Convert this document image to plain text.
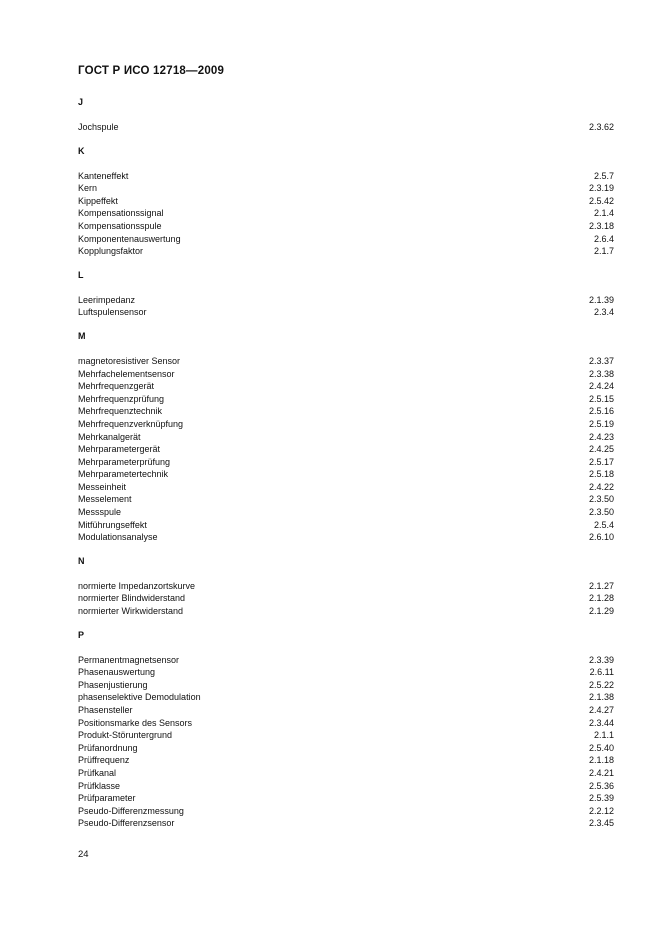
ГОСТ Р ИСО 12718—2009
J
Jochspule	2.3.62
K
Kanteneffekt	2.5.7
Kern	2.3.19
Kippeffekt	2.5.42
Kompensationssignal	2.1.4
Kompensationsspule	2.3.18
Komponentenauswertung	2.6.4
Kopplungsfaktor	2.1.7
L
Leerimpedanz	2.1.39
Luftspulensensor	2.3.4
M
magnetoresistiver Sensor	2.3.37
Mehrfachelementsensor	2.3.38
Mehrfrequenzgerät	2.4.24
Mehrfrequenzprüfung	2.5.15
Mehrfrequenztechnik	2.5.16
Mehrfrequenzverknüpfung	2.5.19
Mehrkanalgerät	2.4.23
Mehrparametergerät	2.4.25
Mehrparameterprüfung	2.5.17
Mehrparametertechnik	2.5.18
Messeinheit	2.4.22
Messelement	2.3.50
Messspule	2.3.50
Mitführungseffekt	2.5.4
Modulationsanalyse	2.6.10
N
normierte Impedanzortskurve	2.1.27
normierter Blindwiderstand	2.1.28
normierter Wirkwiderstand	2.1.29
P
Permanentmagnetsensor	2.3.39
Phasenauswertung	2.6.11
Phasenjustierung	2.5.22
phasenselektive Demodulation	2.1.38
Phasensteller	2.4.27
Positionsmarke des Sensors	2.3.44
Produkt-Störuntergrund	2.1.1
Prüfanordnung	2.5.40
Prüffrequenz	2.1.18
Prüfkanal	2.4.21
Prüfklasse	2.5.36
Prüfparameter	2.5.39
Pseudo-Differenzmessung	2.2.12
Pseudo-Differenzsensor	2.3.45
24
